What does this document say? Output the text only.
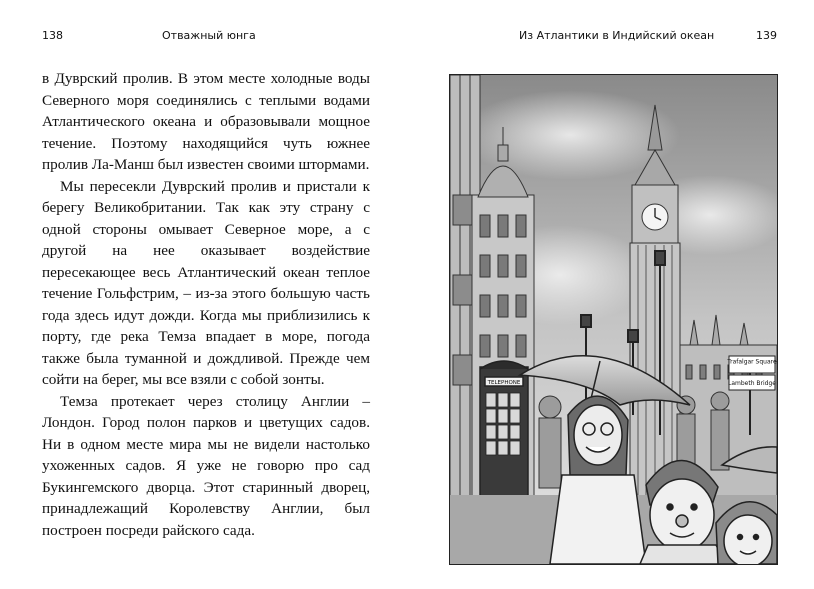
138	Отважный юнга

в Дуврский пролив. В этом месте холодные воды Северного моря соединялись с теплыми водами Атлантического океана и образовывали мощное течение. Поэтому находящийся чуть южнее пролив Ла-Манш был известен своими штормами.

Мы пересекли Дуврский пролив и пристали к берегу Великобритании. Так как эту страну с одной стороны омывает Северное море, а с другой на нее оказывает воздействие пересекающее весь Атлантический океан теплое течение Гольфстрим, – из-за этого большую часть года здесь идут дожди. Когда мы приблизились к порту, где река Темза впадает в море, погода также была туманной и дождливой. Прежде чем сойти на берег, мы все взяли с собой зонты.

Темза протекает через столицу Англии – Лондон. Город полон парков и цветущих садов. Ни в одном месте мира мы не видели настолько ухоженных садов. Я уже не говорю про сад Букингемского дворца. Этот старинный дворец, принадлежащий Королевству Англии, был построен посреди райского сада.

Из Атлантики в Индийский океан	139
Trafalgar Square
Lambeth Bridge
TELEPHONE
